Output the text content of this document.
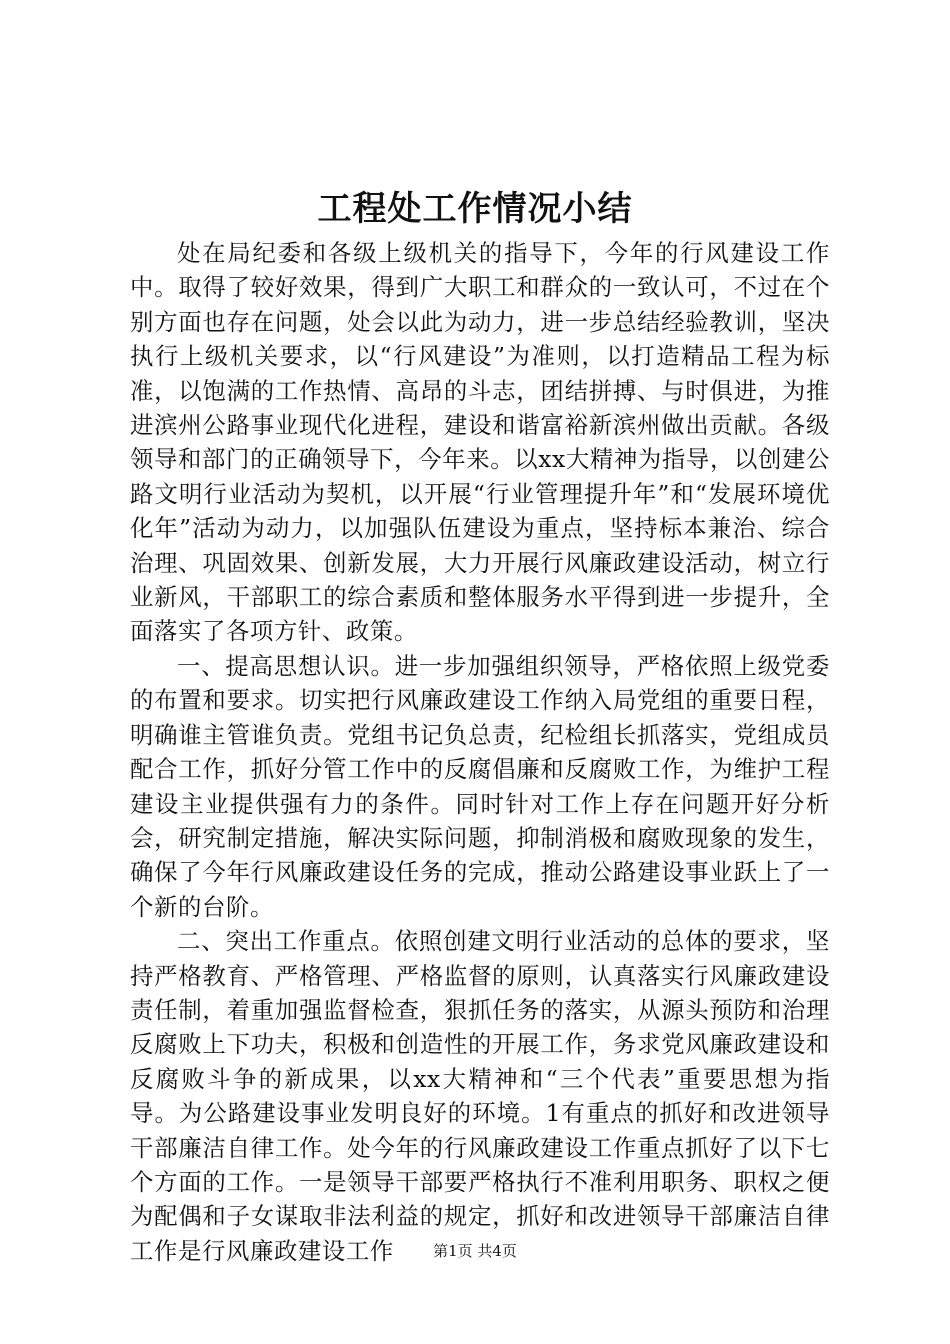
工程处工作情况小结

处在局纪委和各级上级机关的指导下，今年的行风建设工作中。取得了较好效果，得到广大职工和群众的一致认可，不过在个别方面也存在问题，处会以此为动力，进一步总结经验教训，坚决执行上级机关要求，以“行风建设”为准则，以打造精品工程为标准，以饱满的工作热情、高昂的斗志，团结拼搏、与时俱进，为推进滨州公路事业现代化进程，建设和谐富裕新滨州做出贡献。各级领导和部门的正确领导下，今年来。以xx大精神为指导，以创建公路文明行业活动为契机，以开展“行业管理提升年”和“发展环境优化年”活动为动力，以加强队伍建设为重点，坚持标本兼治、综合治理、巩固效果、创新发展，大力开展行风廉政建设活动，树立行业新风，干部职工的综合素质和整体服务水平得到进一步提升，全面落实了各项方针、政策。

一、提高思想认识。进一步加强组织领导，严格依照上级党委的布置和要求。切实把行风廉政建设工作纳入局党组的重要日程，明确谁主管谁负责。党组书记负总责，纪检组长抓落实，党组成员配合工作，抓好分管工作中的反腐倡廉和反腐败工作，为维护工程建设主业提供强有力的条件。同时针对工作上存在问题开好分析会，研究制定措施，解决实际问题，抑制消极和腐败现象的发生，确保了今年行风廉政建设任务的完成，推动公路建设事业跃上了一个新的台阶。

二、突出工作重点。依照创建文明行业活动的总体的要求，坚持严格教育、严格管理、严格监督的原则，认真落实行风廉政建设责任制，着重加强监督检查，狠抓任务的落实，从源头预防和治理反腐败上下功夫，积极和创造性的开展工作，务求党风廉政建设和反腐败斗争的新成果，以xx大精神和“三个代表”重要思想为指导。为公路建设事业发明良好的环境。1有重点的抓好和改进领导干部廉洁自律工作。处今年的行风廉政建设工作重点抓好了以下七个方面的工作。一是领导干部要严格执行不准利用职务、职权之便为配偶和子女谋取非法利益的规定，抓好和改进领导干部廉洁自律工作是行风廉政建设工作	第1页 共4页
